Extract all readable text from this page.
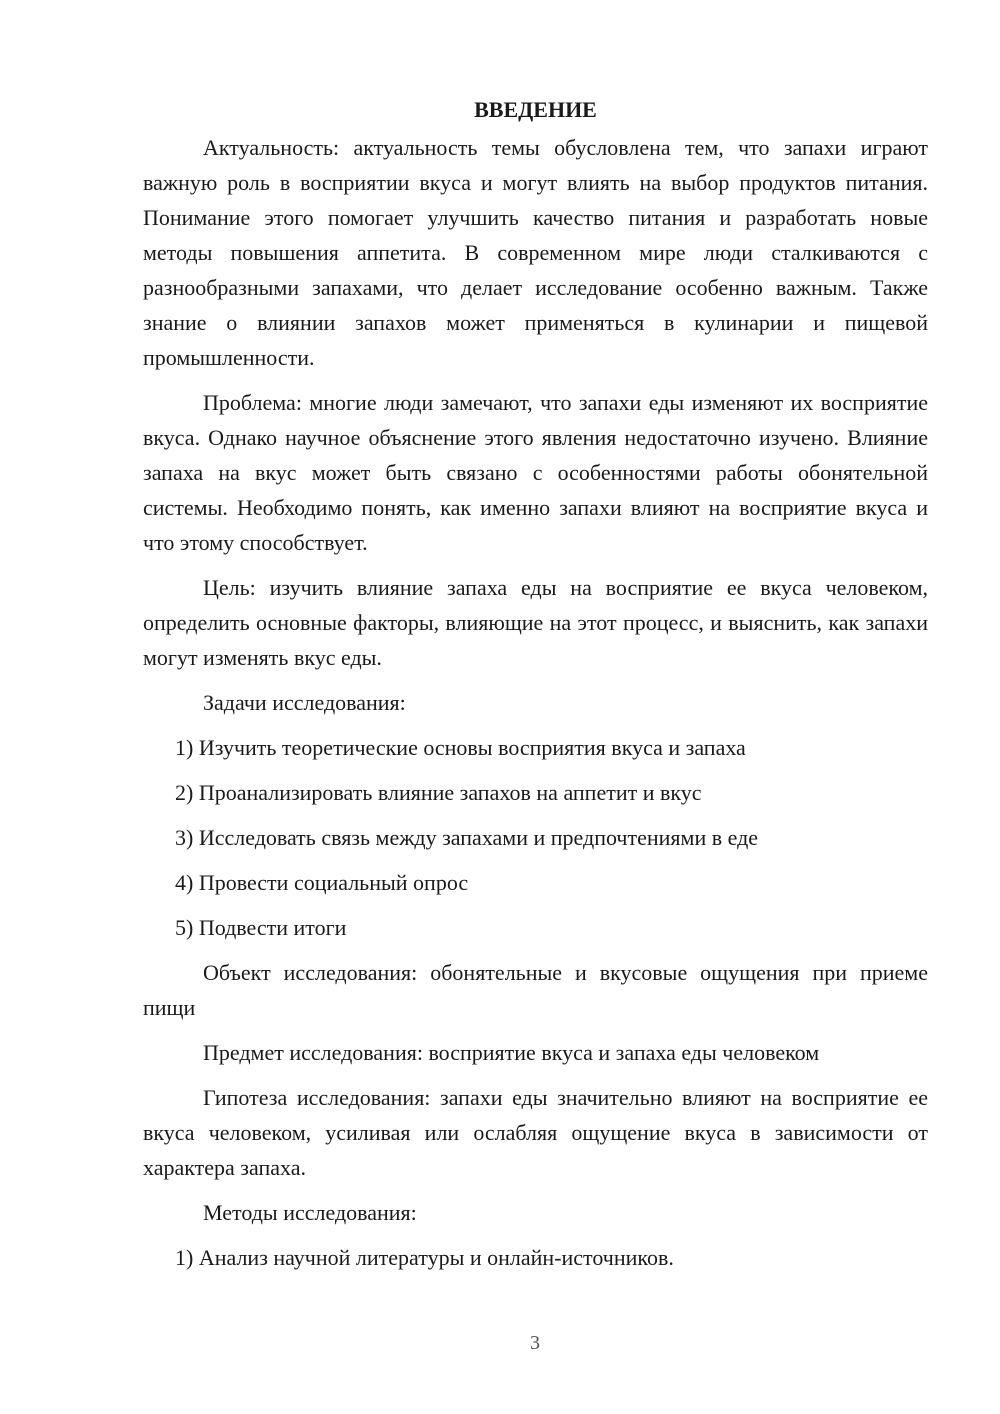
ВВЕДЕНИЕ

Актуальность: актуальность темы обусловлена тем, что запахи играют важную роль в восприятии вкуса и могут влиять на выбор продуктов питания. Понимание этого помогает улучшить качество питания и разработать новые методы повышения аппетита. В современном мире люди сталкиваются с разнообразными запахами, что делает исследование особенно важным. Также знание о влиянии запахов может применяться в кулинарии и пищевой промышленности.

Проблема: многие люди замечают, что запахи еды изменяют их восприятие вкуса. Однако научное объяснение этого явления недостаточно изучено. Влияние запаха на вкус может быть связано с особенностями работы обонятельной системы. Необходимо понять, как именно запахи влияют на восприятие вкуса и что этому способствует.

Цель: изучить влияние запаха еды на восприятие ее вкуса человеком, определить основные факторы, влияющие на этот процесс, и выяснить, как запахи могут изменять вкус еды.

Задачи исследования:

1) Изучить теоретические основы восприятия вкуса и запаха
2) Проанализировать влияние запахов на аппетит и вкус
3) Исследовать связь между запахами и предпочтениями в еде
4) Провести социальный опрос
5) Подвести итоги

Объект исследования: обонятельные и вкусовые ощущения при приеме пищи

Предмет исследования: восприятие вкуса и запаха еды человеком

Гипотеза исследования: запахи еды значительно влияют на восприятие ее вкуса человеком, усиливая или ослабляя ощущение вкуса в зависимости от характера запаха.

Методы исследования:

1) Анализ научной литературы и онлайн-источников.
3
